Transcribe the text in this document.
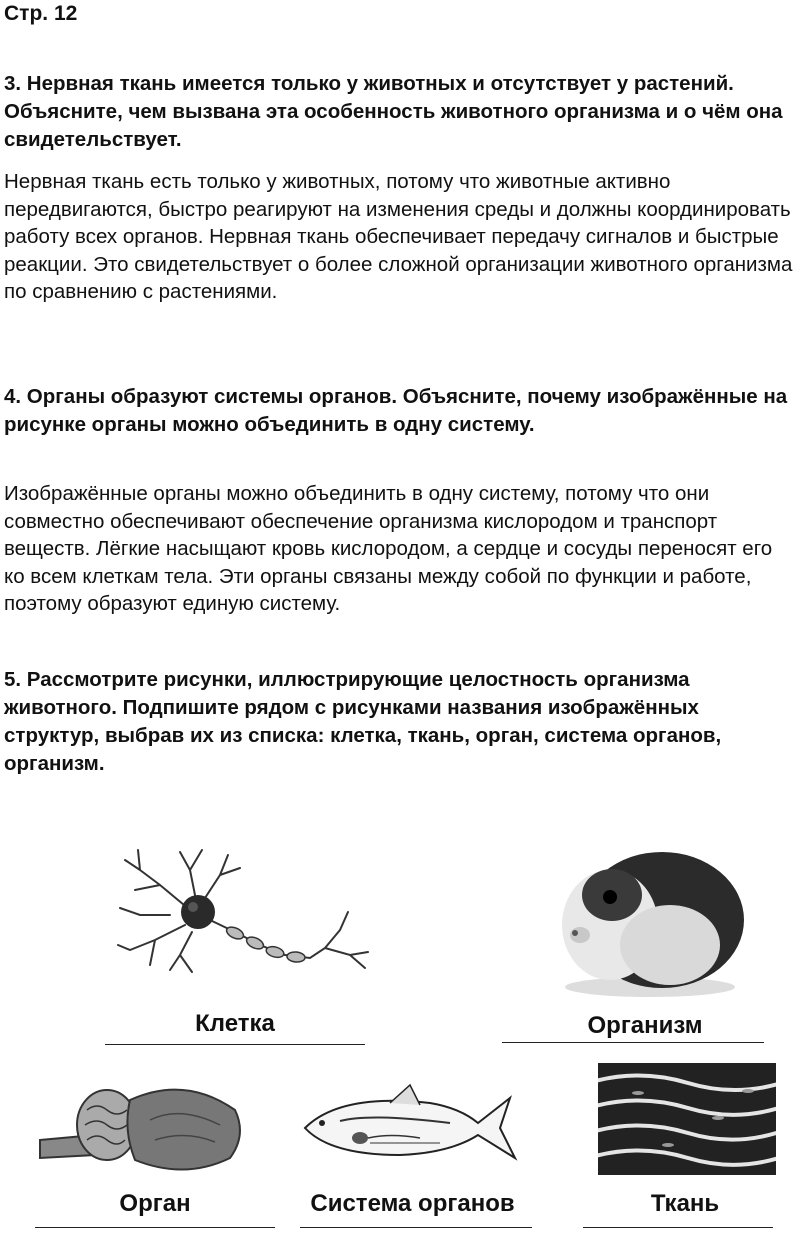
Стр. 12

3. Нервная ткань имеется только у животных и отсутствует у растений. Объясните, чем вызвана эта особенность животного организма и о чём она свидетельствует.

Нервная ткань есть только у животных, потому что животные активно передвигаются, быстро реагируют на изменения среды и должны координировать работу всех органов. Нервная ткань обеспечивает передачу сигналов и быстрые реакции. Это свидетельствует о более сложной организации животного организма по сравнению с растениями.

4. Органы образуют системы органов. Объясните, почему изображённые на рисунке органы можно объединить в одну систему.

Изображённые органы можно объединить в одну систему, потому что они совместно обеспечивают обеспечение организма кислородом и транспорт веществ. Лёгкие насыщают кровь кислородом, а сердце и сосуды переносят его ко всем клеткам тела. Эти органы связаны между собой по функции и работе, поэтому образуют единую систему.

5. Рассмотрите рисунки, иллюстрирующие целостность организма животного. Подпишите рядом с рисунками названия изображённых структур, выбрав их из списка: клетка, ткань, орган, система органов, организм.

Клетка	Организм
Орган	Система органов	Ткань
